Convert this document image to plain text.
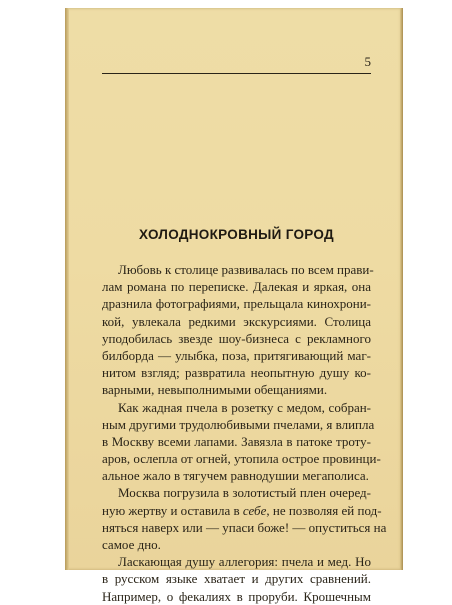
5
ХОЛОДНОКРОВНЫЙ ГОРОД
Любовь к столице развивалась по всем прави-
лам романа по переписке. Далекая и яркая, она
дразнила фотографиями, прельщала кинохрони-
кой, увлекала редкими экскурсиями. Столица
уподобилась звезде шоу-бизнеса с рекламного
билборда — улыбка, поза, притягивающий маг-
нитом взгляд; развратила неопытную душу ко-
варными, невыполнимыми обещаниями.
Как жадная пчела в розетку с медом, собран-
ным другими трудолюбивыми пчелами, я влипла
в Москву всеми лапами. Завязла в патоке троту-
аров, ослепла от огней, утопила острое провинци-
альное жало в тягучем равнодушии мегаполиса.
Москва погрузила в золотистый плен очеред-
ную жертву и оставила в себе, не позволяя ей под-
няться наверх или — упаси боже! — опуститься на
самое дно.
Ласкающая душу аллегория: пчела и мед. Но
в русском языке хватает и других сравнений.
Например, о фекалиях в проруби. Крошечным
